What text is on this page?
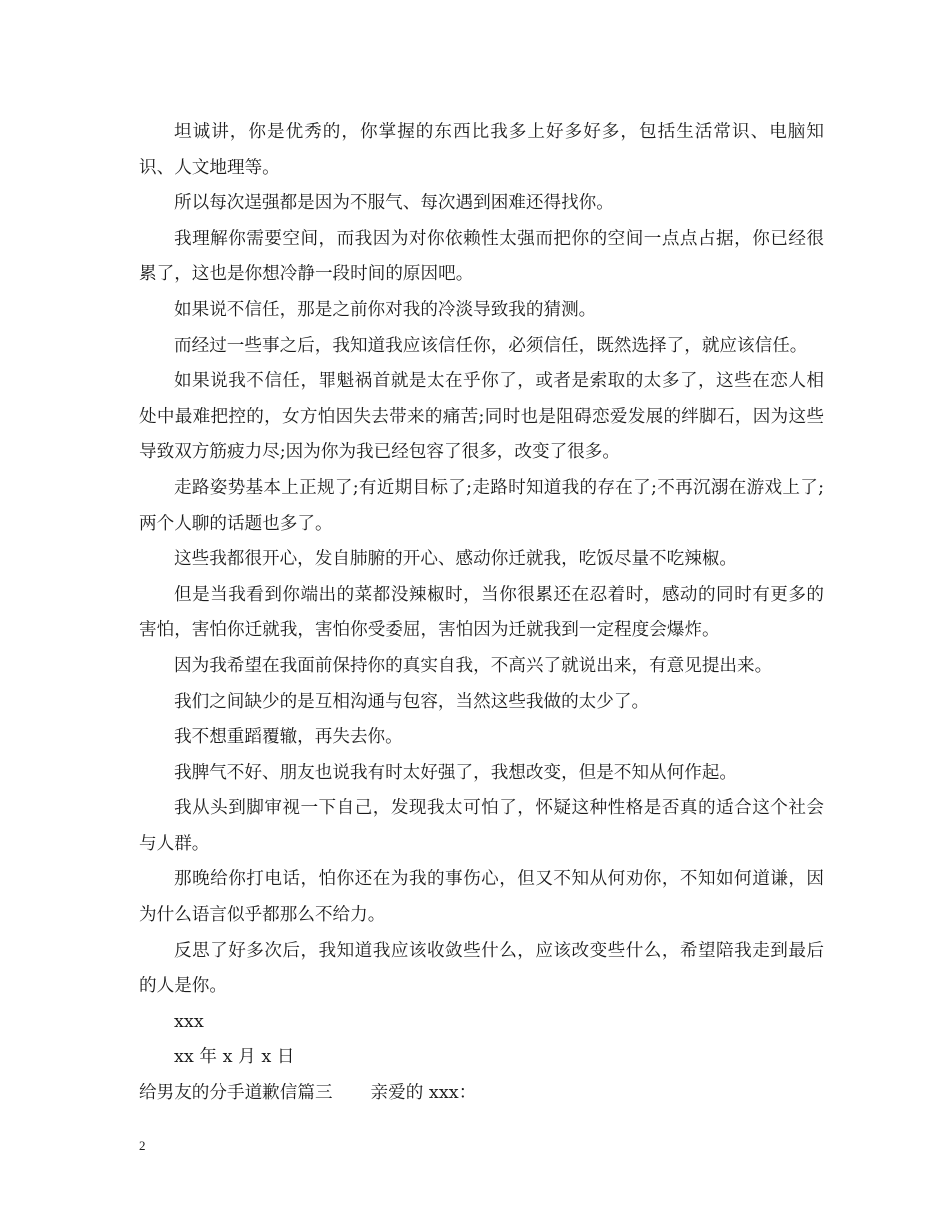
坦诚讲，你是优秀的，你掌握的东西比我多上好多好多，包括生活常识、电脑知识、人文地理等。

所以每次逞强都是因为不服气、每次遇到困难还得找你。

我理解你需要空间，而我因为对你依赖性太强而把你的空间一点点占据，你已经很累了，这也是你想冷静一段时间的原因吧。

如果说不信任，那是之前你对我的冷淡导致我的猜测。

而经过一些事之后，我知道我应该信任你，必须信任，既然选择了，就应该信任。

如果说我不信任，罪魁祸首就是太在乎你了，或者是索取的太多了，这些在恋人相处中最难把控的，女方怕因失去带来的痛苦;同时也是阻碍恋爱发展的绊脚石，因为这些导致双方筋疲力尽;因为你为我已经包容了很多，改变了很多。

走路姿势基本上正规了;有近期目标了;走路时知道我的存在了;不再沉溺在游戏上了;两个人聊的话题也多了。

这些我都很开心，发自肺腑的开心、感动你迁就我，吃饭尽量不吃辣椒。

但是当我看到你端出的菜都没辣椒时，当你很累还在忍着时，感动的同时有更多的害怕，害怕你迁就我，害怕你受委屈，害怕因为迁就我到一定程度会爆炸。

因为我希望在我面前保持你的真实自我，不高兴了就说出来，有意见提出来。

我们之间缺少的是互相沟通与包容，当然这些我做的太少了。

我不想重蹈覆辙，再失去你。

我脾气不好、朋友也说我有时太好强了，我想改变，但是不知从何作起。

我从头到脚审视一下自己，发现我太可怕了，怀疑这种性格是否真的适合这个社会与人群。

那晚给你打电话，怕你还在为我的事伤心，但又不知从何劝你，不知如何道谦，因为什么语言似乎都那么不给力。

反思了好多次后，我知道我应该收敛些什么，应该改变些什么，希望陪我走到最后的人是你。

xxx

xx 年 x 月 x 日

给男友的分手道歉信篇三 亲爱的 xxx：

2
